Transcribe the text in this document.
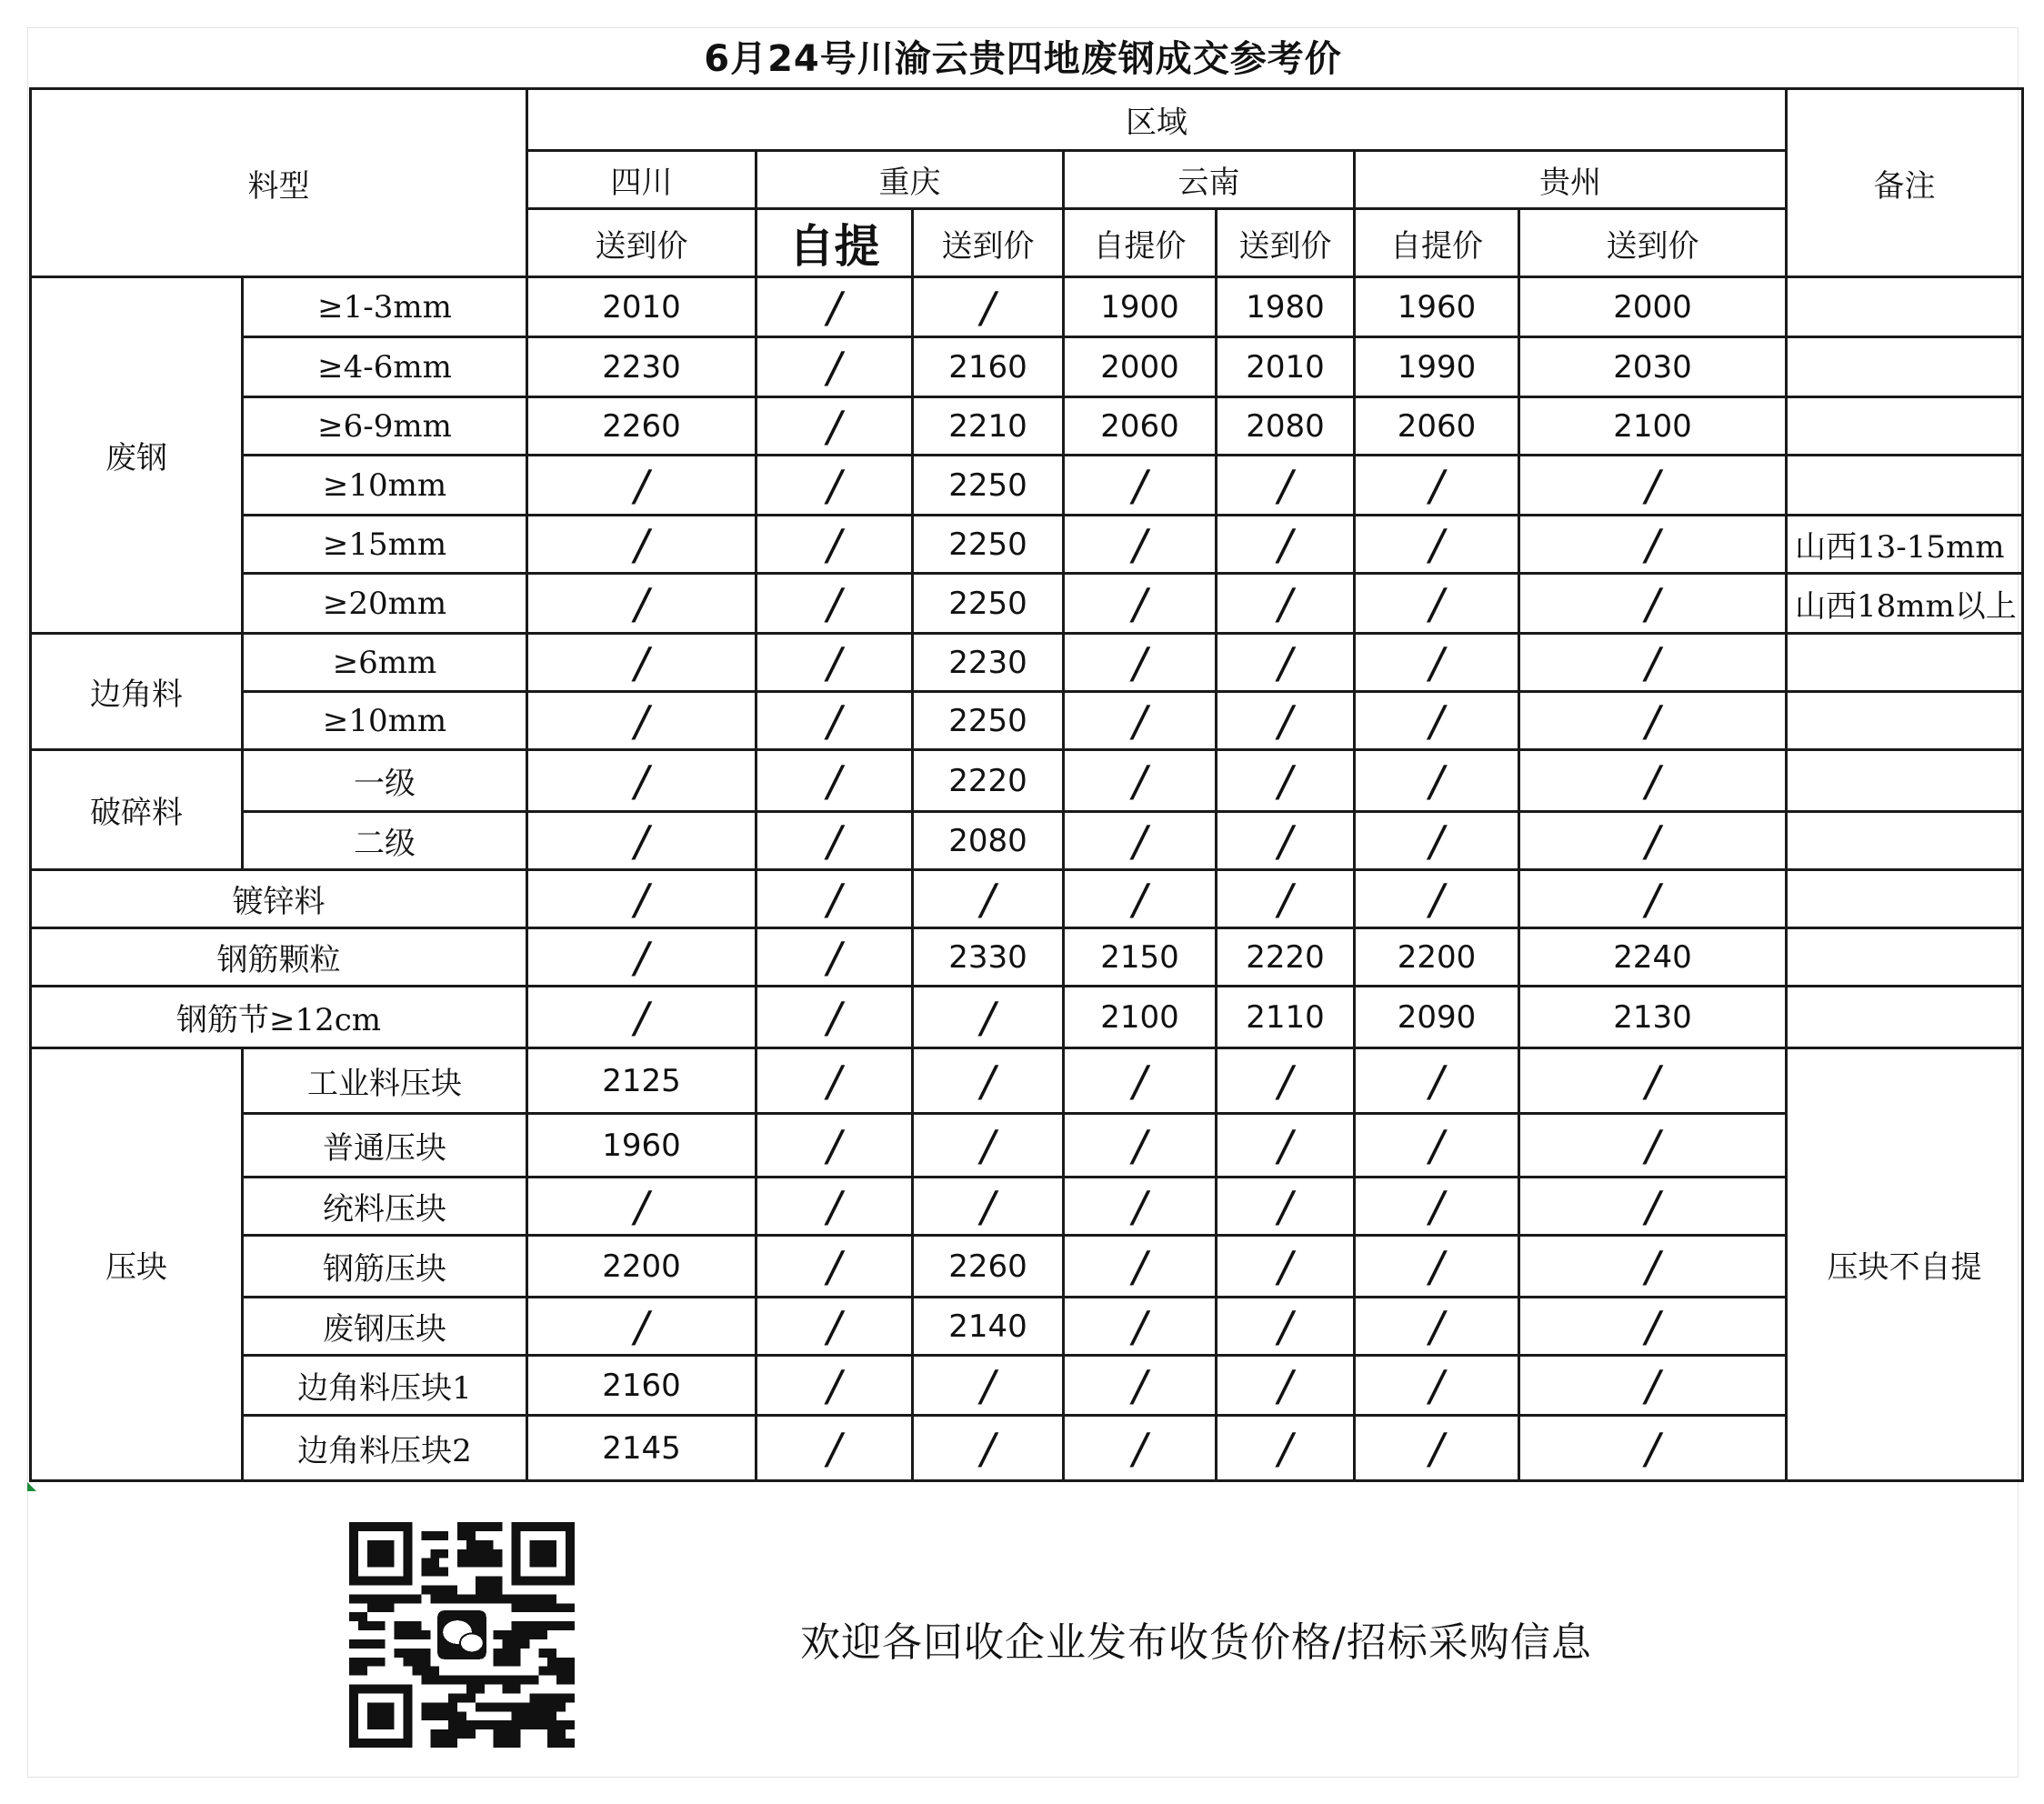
6月24号川渝云贵四地废钢成交参考价
料型		区域							备注
		四川	重庆		云南		贵州		
		送到价	自提	送到价	自提价	送到价	自提价	送到价	
废钢	≥1-3mm	2010	/	/	1900	1980	1960	2000	
	≥4-6mm	2230	/	2160	2000	2010	1990	2030	
	≥6-9mm	2260	/	2210	2060	2080	2060	2100	
	≥10mm	/	/	2250	/	/	/	/	
	≥15mm	/	/	2250	/	/	/	/	山西13-15mm
	≥20mm	/	/	2250	/	/	/	/	山西18mm以上
边角料	≥6mm	/	/	2230	/	/	/	/	
	≥10mm	/	/	2250	/	/	/	/	
破碎料	一级	/	/	2220	/	/	/	/	
	二级	/	/	2080	/	/	/	/	
镀锌料		/	/	/	/	/	/	/	
钢筋颗粒		/	/	2330	2150	2220	2200	2240	
钢筋节≥12cm		/	/	/	2100	2110	2090	2130	
压块	工业料压块	2125	/	/	/	/	/	/	压块不自提
	普通压块	1960	/	/	/	/	/	/	
	统料压块	/	/	/	/	/	/	/	
	钢筋压块	2200	/	2260	/	/	/	/	
	废钢压块	/	/	2140	/	/	/	/	
	边角料压块1	2160	/	/	/	/	/	/	
	边角料压块2	2145	/	/	/	/	/	/	
欢迎各回收企业发布收货价格/招标采购信息
